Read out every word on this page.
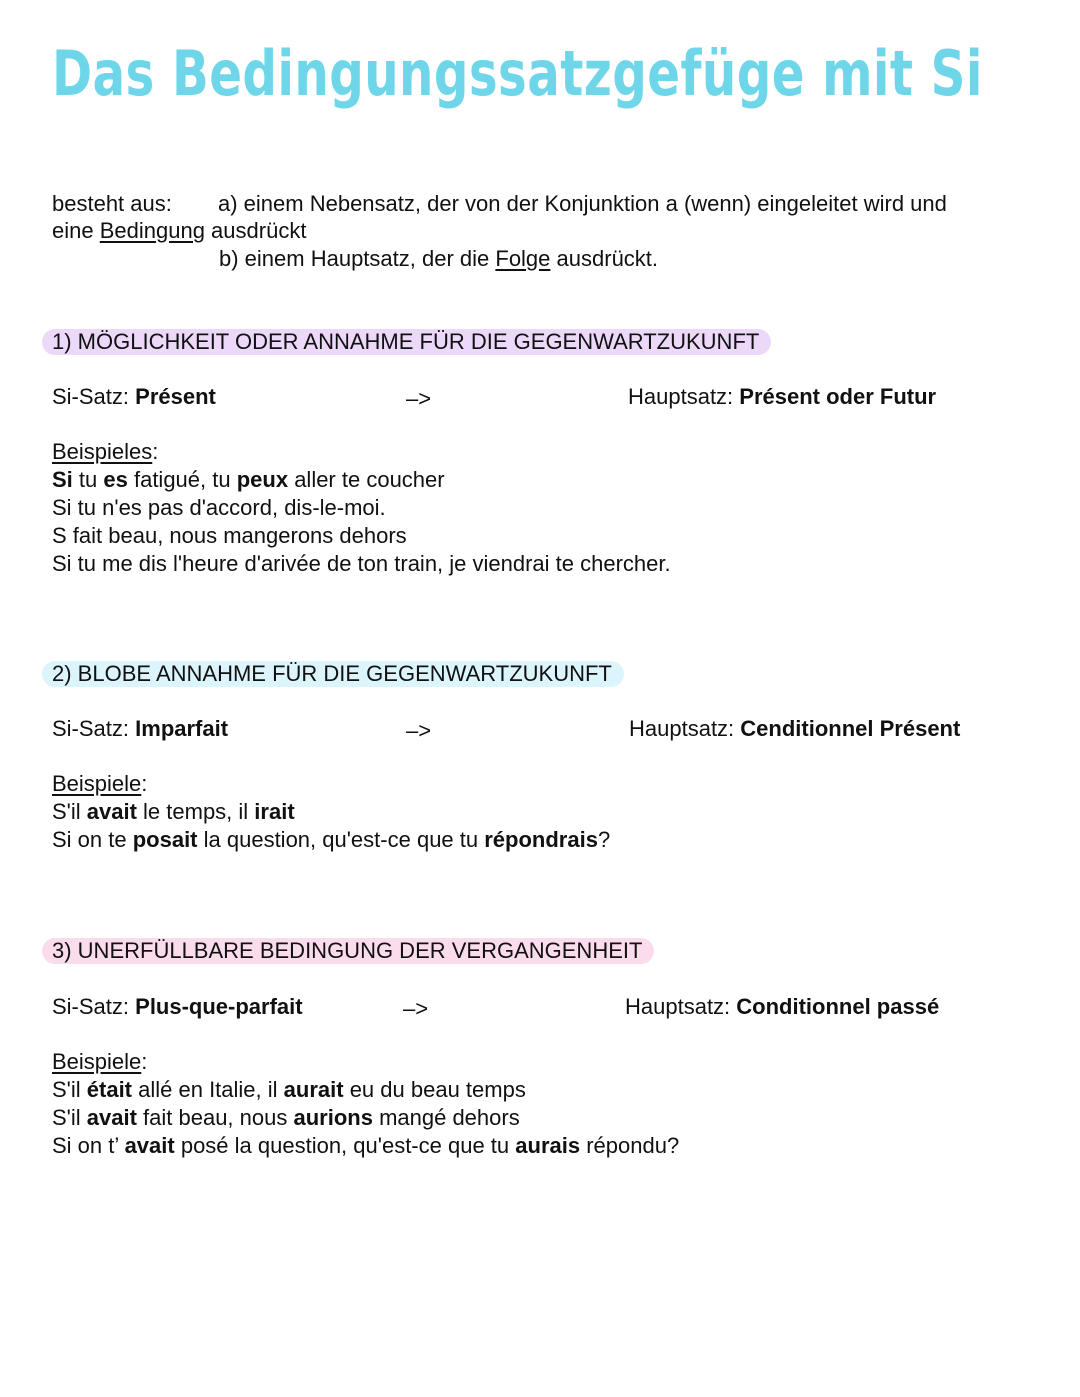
Das Bedingungssatzgefüge mit Si
besteht aus: a) einem Nebensatz, der von der Konjunktion a (wenn) eingeleitet wird und
eine Bedingung ausdrückt
b) einem Hauptsatz, der die Folge ausdrückt.
1) MÖGLICHKEIT ODER ANNAHME FÜR DIE GEGENWARTZUKUNFT
Si-Satz: Présent	–>	Hauptsatz: Présent oder Futur
Beispieles:
Si tu es fatigué, tu peux aller te coucher
Si tu n'es pas d'accord, dis-le-moi.
S fait beau, nous mangerons dehors
Si tu me dis l'heure d'arivée de ton train, je viendrai te chercher.
2) BLOBE ANNAHME FÜR DIE GEGENWARTZUKUNFT
Si-Satz: Imparfait	–>	Hauptsatz: Cenditionnel Présent
Beispiele:
S'il avait le temps, il irait
Si on te posait la question, qu'est-ce que tu répondrais?
3) UNERFÜLLBARE BEDINGUNG DER VERGANGENHEIT
Si-Satz: Plus-que-parfait	–>	Hauptsatz: Conditionnel passé
Beispiele:
S'il était allé en Italie, il aurait eu du beau temps
S'il avait fait beau, nous aurions mangé dehors
Si on t’ avait posé la question, qu'est-ce que tu aurais répondu?
